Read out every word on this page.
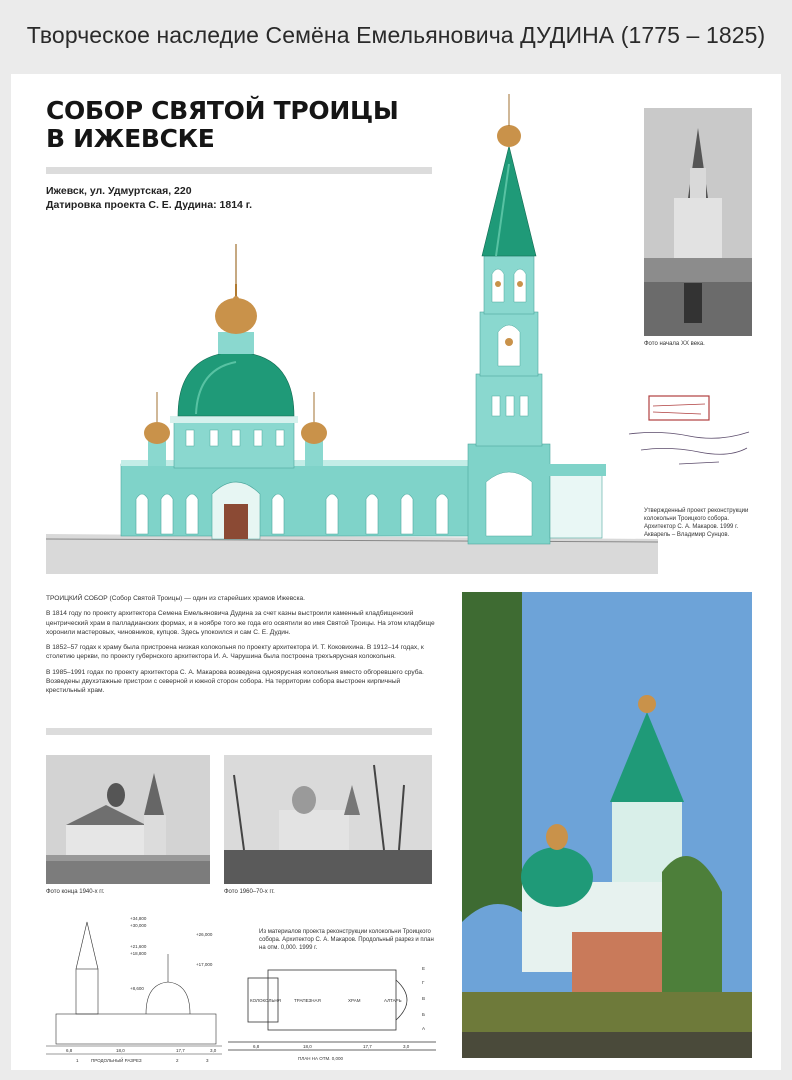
Творческое наследие Семёна Емельяновича ДУДИНА (1775 – 1825)
СОБОР СВЯТОЙ ТРОИЦЫ
В ИЖЕВСКЕ
Ижевск, ул. Удмуртская, 220
Датировка проекта С. Е. Дудина: 1814 г.
Фото начала XX века.
Утвержденный проект реконструкции колокольни Троицкого собора. Архитектор С. А. Макаров. 1999 г. Акварель – Владимир Сунцов.

ТРОИЦКИЙ СОБОР (Собор Святой Троицы) — один из старейших храмов Ижевска.

В 1814 году по проекту архитектора Семена Емельяновича Дудина за счет казны выстроили каменный кладбищенский центрический храм в палладианских формах, и в ноябре того же года его освятили во имя Святой Троицы. На этом кладбище хоронили мастеровых, чиновников, купцов. Здесь упокоился и сам С. Е. Дудин.

В 1852–57 годах к храму была пристроена низкая колокольня по проекту архитектора И. Т. Коковихина. В 1912–14 годах, к столетию церкви, по проекту губернского архитектора И. А. Чарушина была построена трехъярусная колокольня.

В 1985–1991 годах по проекту архитектора С. А. Макарова возведена одноярусная колокольня вместо обгоревшего сруба. Возведены двухэтажные пристрои с северной и южной сторон собора. На территории собора выстроен кирпичный крестильный храм.

Фото конца 1940-х гг.	Фото 1960–70-х гг.
+34,800
+30,000
+26,000
+21,600
+18,800
+17,000
+8,600
6,8	18,0	17,7	3,0
1	ПРОДОЛЬНЫЙ РАЗРЕЗ	2	3
Из материалов проекта реконструкции колокольни Троицкого собора. Архитектор С. А. Макаров. Продольный разрез и план на отм. 0,000. 1999 г.
КОЛОКОЛЬНЯ	ТРАПЕЗНАЯ	ХРАМ	АЛТАРЬ
Е
Г
В
Б
А
6,8	18,0	17,7	3,0
ПЛАН НА ОТМ. 0,000
